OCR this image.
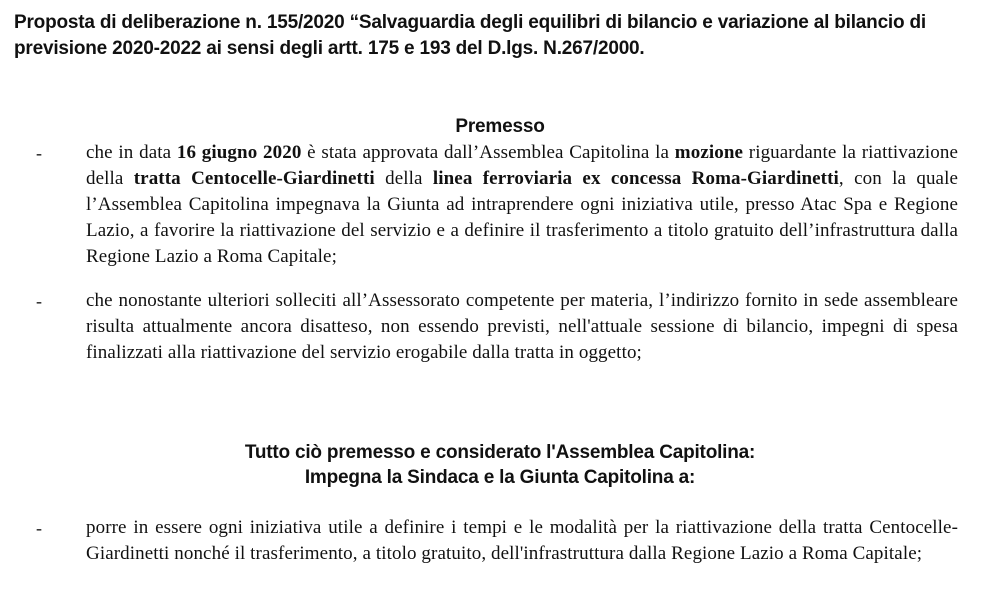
Proposta di deliberazione n. 155/2020 “Salvaguardia degli equilibri di bilancio e variazione al bilancio di previsione 2020-2022 ai sensi degli artt. 175 e 193 del D.lgs. N.267/2000.
Premesso
- che in data 16 giugno 2020 è stata approvata dall’Assemblea Capitolina la mozione riguardante la riattivazione della tratta Centocelle-Giardinetti della linea ferroviaria ex concessa Roma-Giardinetti, con la quale l’Assemblea Capitolina impegnava la Giunta ad intraprendere ogni iniziativa utile, presso Atac Spa e Regione Lazio, a favorire la riattivazione del servizio e a definire il trasferimento a titolo gratuito dell’infrastruttura dalla Regione Lazio a Roma Capitale;
- che nonostante ulteriori solleciti all’Assessorato competente per materia, l’indirizzo fornito in sede assembleare risulta attualmente ancora disatteso, non essendo previsti, nell'attuale sessione di bilancio, impegni di spesa finalizzati alla riattivazione del servizio erogabile dalla tratta in oggetto;
Tutto ciò premesso e considerato l'Assemblea Capitolina:
Impegna la Sindaca e la Giunta Capitolina a:
- porre in essere ogni iniziativa utile a definire i tempi e le modalità per la riattivazione della tratta Centocelle-Giardinetti nonché il trasferimento, a titolo gratuito, dell'infrastruttura dalla Regione Lazio a Roma Capitale;
